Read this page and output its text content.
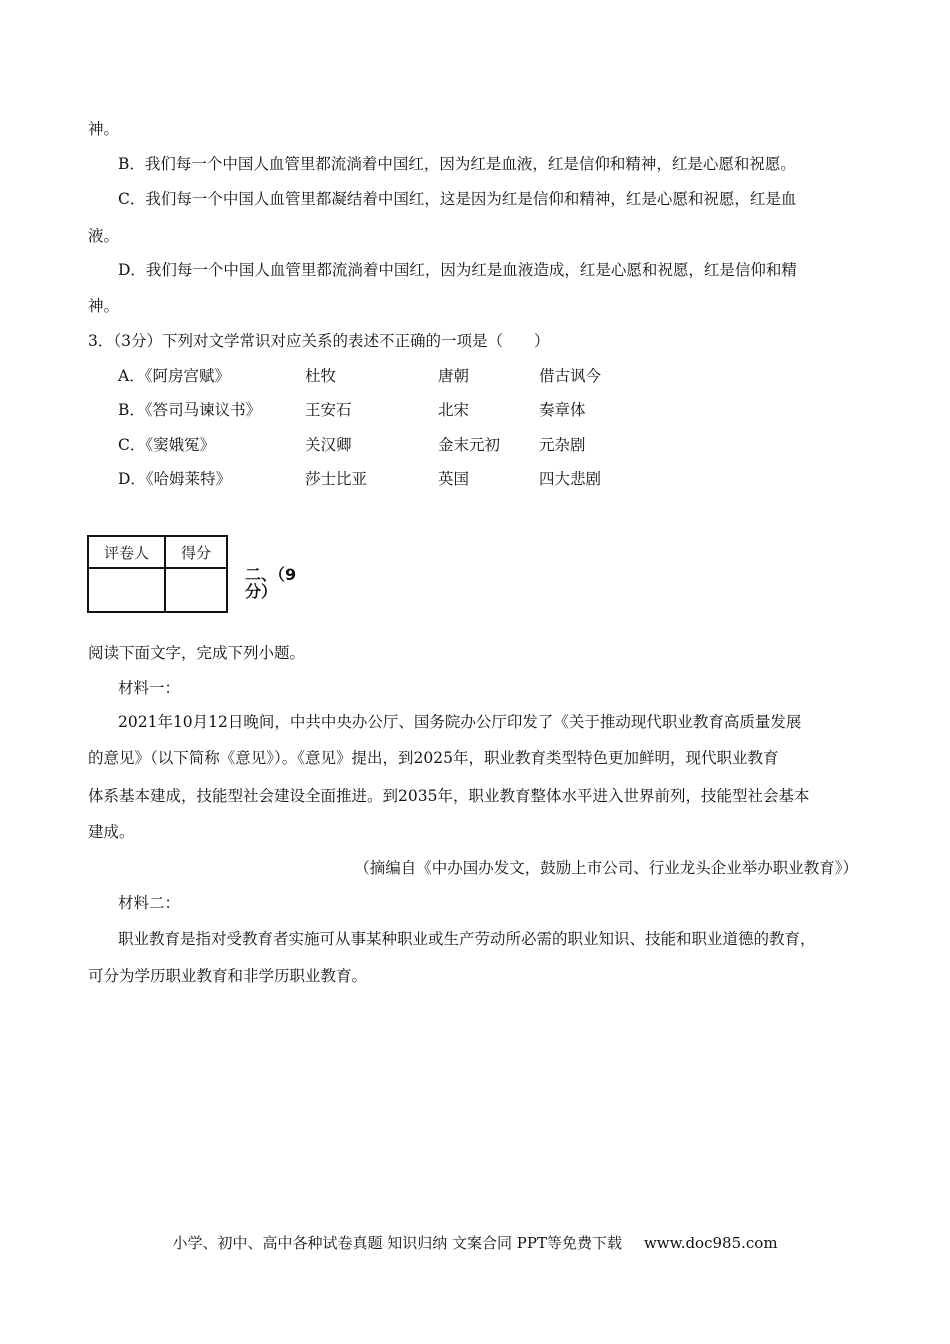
神。
B．我们每一个中国人血管里都流淌着中国红，因为红是血液，红是信仰和精神，红是心愿和祝愿。
C．我们每一个中国人血管里都凝结着中国红，这是因为红是信仰和精神，红是心愿和祝愿，红是血
液。
D．我们每一个中国人血管里都流淌着中国红，因为红是血液造成，红是心愿和祝愿，红是信仰和精
神。
3．（3分）下列对文学常识对应关系的表述不正确的一项是（　　）
A．《阿房宫赋》	杜牧	唐朝	借古讽今
B．《答司马谏议书》	王安石	北宋	奏章体
C．《窦娥冤》	关汉卿	金末元初	元杂剧
D．《哈姆莱特》	莎士比亚	英国	四大悲剧
评卷人	得分

二、（9
分）
阅读下面文字，完成下列小题。
材料一：
2021年10月12日晚间，中共中央办公厅、国务院办公厅印发了《关于推动现代职业教育高质量发展
的意见》（以下简称《意见》）。《意见》提出，到2025年，职业教育类型特色更加鲜明，现代职业教育
体系基本建成，技能型社会建设全面推进。到2035年，职业教育整体水平进入世界前列，技能型社会基本
建成。
（摘编自《中办国办发文，鼓励上市公司、行业龙头企业举办职业教育》）
材料二：
职业教育是指对受教育者实施可从事某种职业或生产劳动所必需的职业知识、技能和职业道德的教育，
可分为学历职业教育和非学历职业教育。
小学、初中、高中各种试卷真题 知识归纳 文案合同 PPT等免费下载 www.doc985.com
